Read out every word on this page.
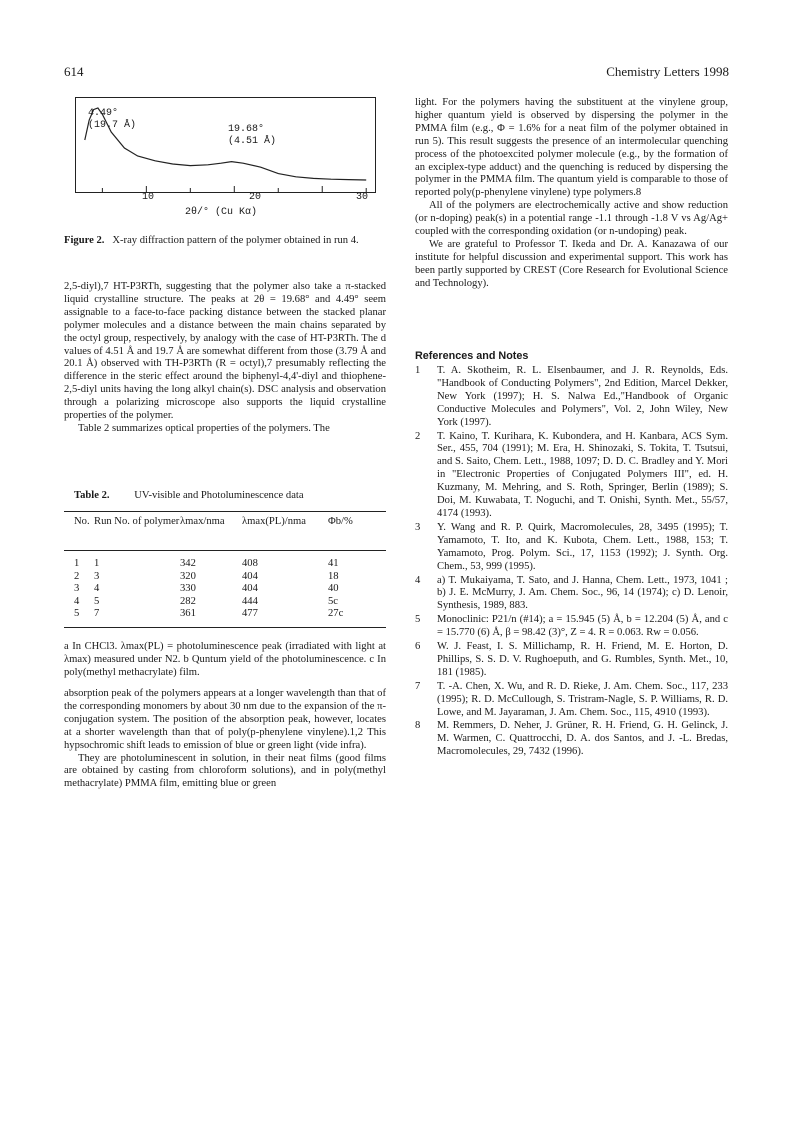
614	Chemistry Letters 1998
4.49°
(19.7 Å)	19.68°
(4.51 Å)
10	20	30
2θ/° (Cu Kα)
Figure 2. X-ray diffraction pattern of the polymer obtained in run 4.

2,5-diyl),7 HT-P3RTh, suggesting that the polymer also take a π-stacked liquid crystalline structure. The peaks at 2θ = 19.68° and 4.49° seem assignable to a face-to-face packing distance between the stacked planar polymer molecules and a distance between the main chains separated by the octyl group, respectively, by analogy with the case of HT-P3RTh. The d values of 4.51 Å and 19.7 Å are somewhat different from those (3.79 Å and 20.1 Å) observed with TH-P3RTh (R = octyl),7 presumably reflecting the difference in the steric effect around the biphenyl-4,4'-diyl and thiophene-2,5-diyl units having the long alkyl chain(s). DSC analysis and observation through a polarizing microscope also supports the liquid crystalline properties of the polymer.

Table 2 summarizes optical properties of the polymers. The

Table 2. UV-visible and Photoluminescence data
No.	Run No. of polymer	λmax/nma	λmax(PL)/nma	Φb/%
1	1	342	408	41
2	3	320	404	18
3	4	330	404	40
4	5	282	444	5c
5	7	361	477	27c
a In CHCl3. λmax(PL) = photoluminescence peak (irradiated with light at λmax) measured under N2. b Quntum yield of the photoluminescence. c In poly(methyl methacrylate) film.

absorption peak of the polymers appears at a longer wavelength than that of the corresponding monomers by about 30 nm due to the expansion of the π-conjugation system. The position of the absorption peak, however, locates at a shorter wavelength than that of poly(p-phenylene vinylene).1,2 This hypsochromic shift leads to emission of blue or green light (vide infra).

They are photoluminescent in solution, in their neat films (good films are obtained by casting from chloroform solutions), and in poly(methyl methacrylate) PMMA film, emitting blue or green

light. For the polymers having the substituent at the vinylene group, higher quantum yield is observed by dispersing the polymer in the PMMA film (e.g., Φ = 1.6% for a neat film of the polymer obtained in run 5). This result suggests the presence of an intermolecular quenching process of the photoexcited polymer molecule (e.g., by the formation of an exciplex-type adduct) and the quenching is reduced by dispersing the polymer in the PMMA film. The quantum yield is comparable to those of reported poly(p-phenylene vinylene) type polymers.8

All of the polymers are electrochemically active and show reduction (or n-doping) peak(s) in a potential range -1.1 through -1.8 V vs Ag/Ag+ coupled with the corresponding oxidation (or n-undoping) peak.

We are grateful to Professor T. Ikeda and Dr. A. Kanazawa of our institute for helpful discussion and experimental support. This work has been partly supported by CREST (Core Research for Evolutional Science and Technology).

References and Notes
1	T. A. Skotheim, R. L. Elsenbaumer, and J. R. Reynolds, Eds. "Handbook of Conducting Polymers", 2nd Edition, Marcel Dekker, New York (1997); H. S. Nalwa Ed.,"Handbook of Organic Conductive Molecules and Polymers", Vol. 2, John Wiley, New York (1997).
2	T. Kaino, T. Kurihara, K. Kubondera, and H. Kanbara, ACS Sym. Ser., 455, 704 (1991); M. Era, H. Shinozaki, S. Tokita, T. Tsutsui, and S. Saito, Chem. Lett., 1988, 1097; D. D. C. Bradley and Y. Mori in "Electronic Properties of Conjugated Polymers III", ed. H. Kuzmany, M. Mehring, and S. Roth, Springer, Berlin (1989); S. Doi, M. Kuwabata, T. Noguchi, and T. Onishi, Synth. Met., 55/57, 4174 (1993).
3	Y. Wang and R. P. Quirk, Macromolecules, 28, 3495 (1995); T. Yamamoto, T. Ito, and K. Kubota, Chem. Lett., 1988, 153; T. Yamamoto, Prog. Polym. Sci., 17, 1153 (1992); J. Synth. Org. Chem., 53, 999 (1995).
4	a) T. Mukaiyama, T. Sato, and J. Hanna, Chem. Lett., 1973, 1041 ; b) J. E. McMurry, J. Am. Chem. Soc., 96, 14 (1974); c) D. Lenoir, Synthesis, 1989, 883.
5	Monoclinic: P21/n (#14); a = 15.945 (5) Å, b = 12.204 (5) Å, and c = 15.770 (6) Å, β = 98.42 (3)°, Z = 4. R = 0.063. Rw = 0.056.
6	W. J. Feast, I. S. Millichamp, R. H. Friend, M. E. Horton, D. Phillips, S. S. D. V. Rughoeputh, and G. Rumbles, Synth. Met., 10, 181 (1985).
7	T. -A. Chen, X. Wu, and R. D. Rieke, J. Am. Chem. Soc., 117, 233 (1995); R. D. McCullough, S. Tristram-Nagle, S. P. Williams, R. D. Lowe, and M. Jayaraman, J. Am. Chem. Soc., 115, 4910 (1993).
8	M. Remmers, D. Neher, J. Grüner, R. H. Friend, G. H. Gelinck, J. M. Warmen, C. Quattrocchi, D. A. dos Santos, and J. -L. Bredas, Macromolecules, 29, 7432 (1996).
